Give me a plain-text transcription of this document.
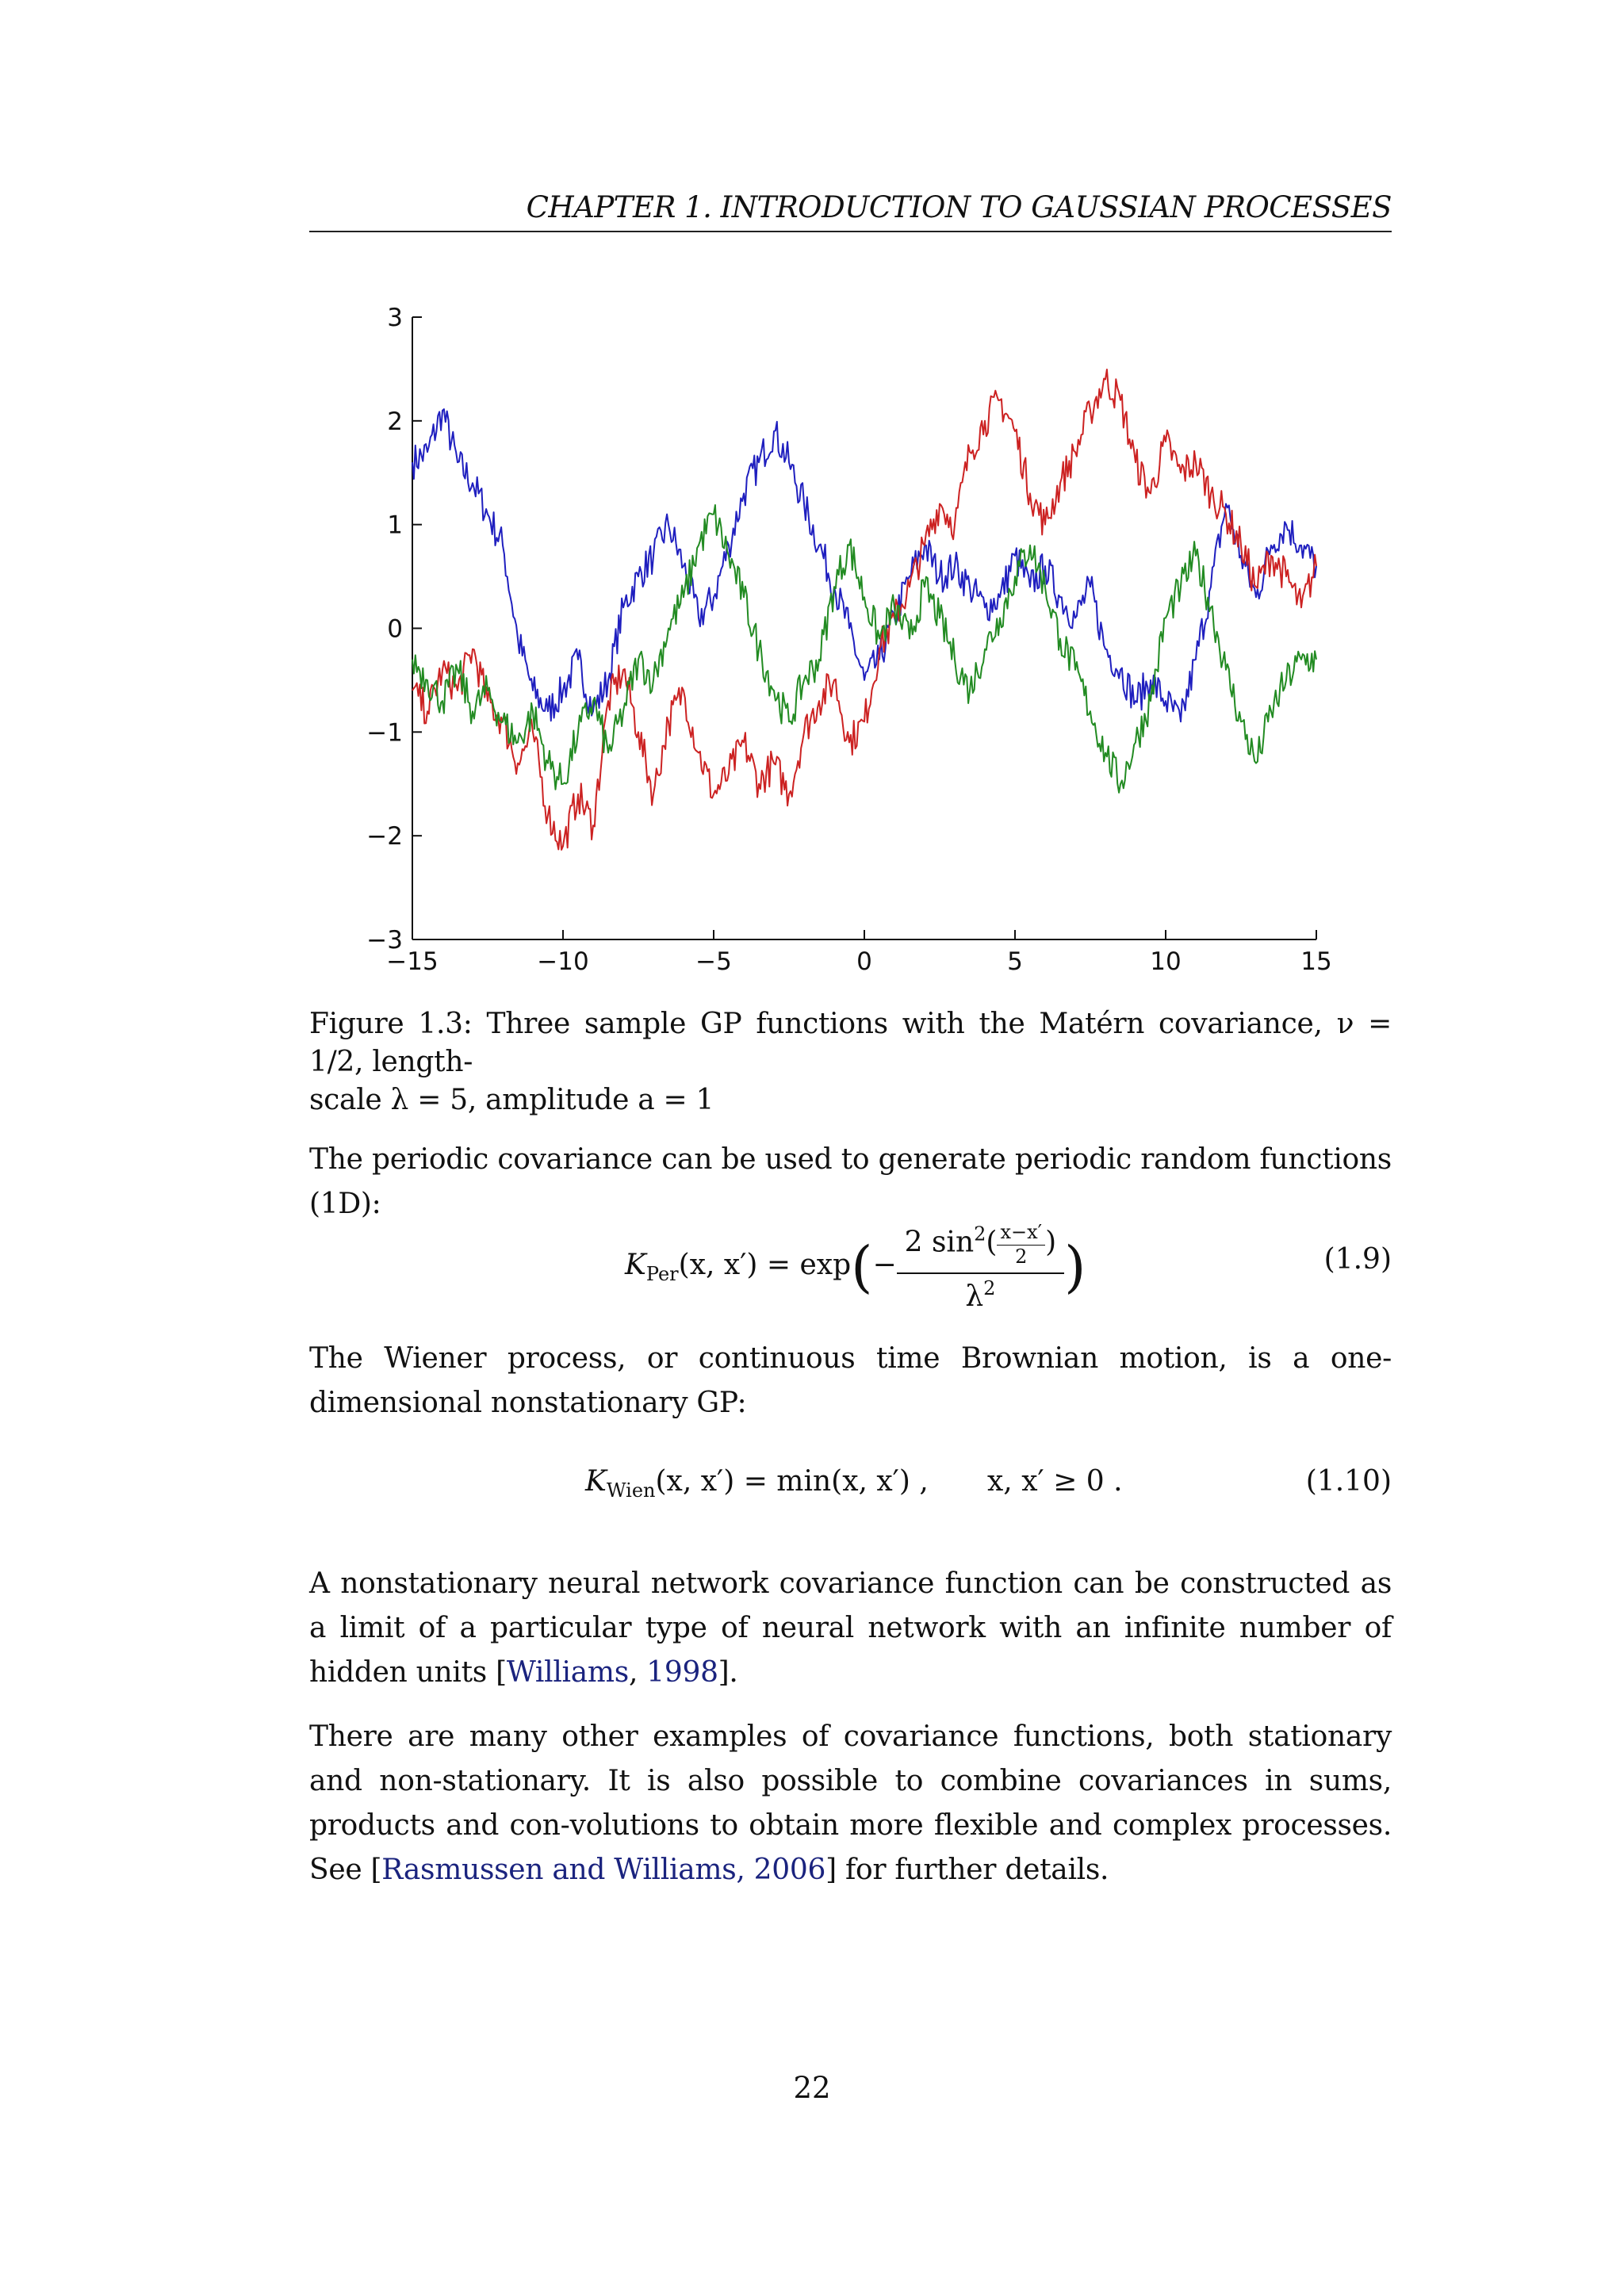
CHAPTER 1. INTRODUCTION TO GAUSSIAN PROCESSES
−15	−10	−5	0	5	10	15
−3
−2
−1
0
1
2
3
Figure 1.3: Three sample GP functions with the Matérn covariance, ν = 1/2, length-
scale λ = 5, amplitude a = 1
The periodic covariance can be used to generate periodic random functions (1D):
$K_{Per}(x$, $x') = \exp(- \frac{2 \sin^2( \frac{x-x'}{2} )}{\lambda^2}$ )	(1.9)
The Wiener process, or continuous time Brownian motion, is a one-dimensional nonstationary GP:
$K_{Wien}(x$, x′) = min(x, x′) , x, x′ ≥ 0 .	(1.10)
A nonstationary neural network covariance function can be constructed as a limit of a particular type of neural network with an infinite number of hidden units [Williams, 1998].
There are many other examples of covariance functions, both stationary and non-stationary. It is also possible to combine covariances in sums, products and con-volutions to obtain more flexible and complex processes. See [Rasmussen and Williams, 2006] for further details.
22
